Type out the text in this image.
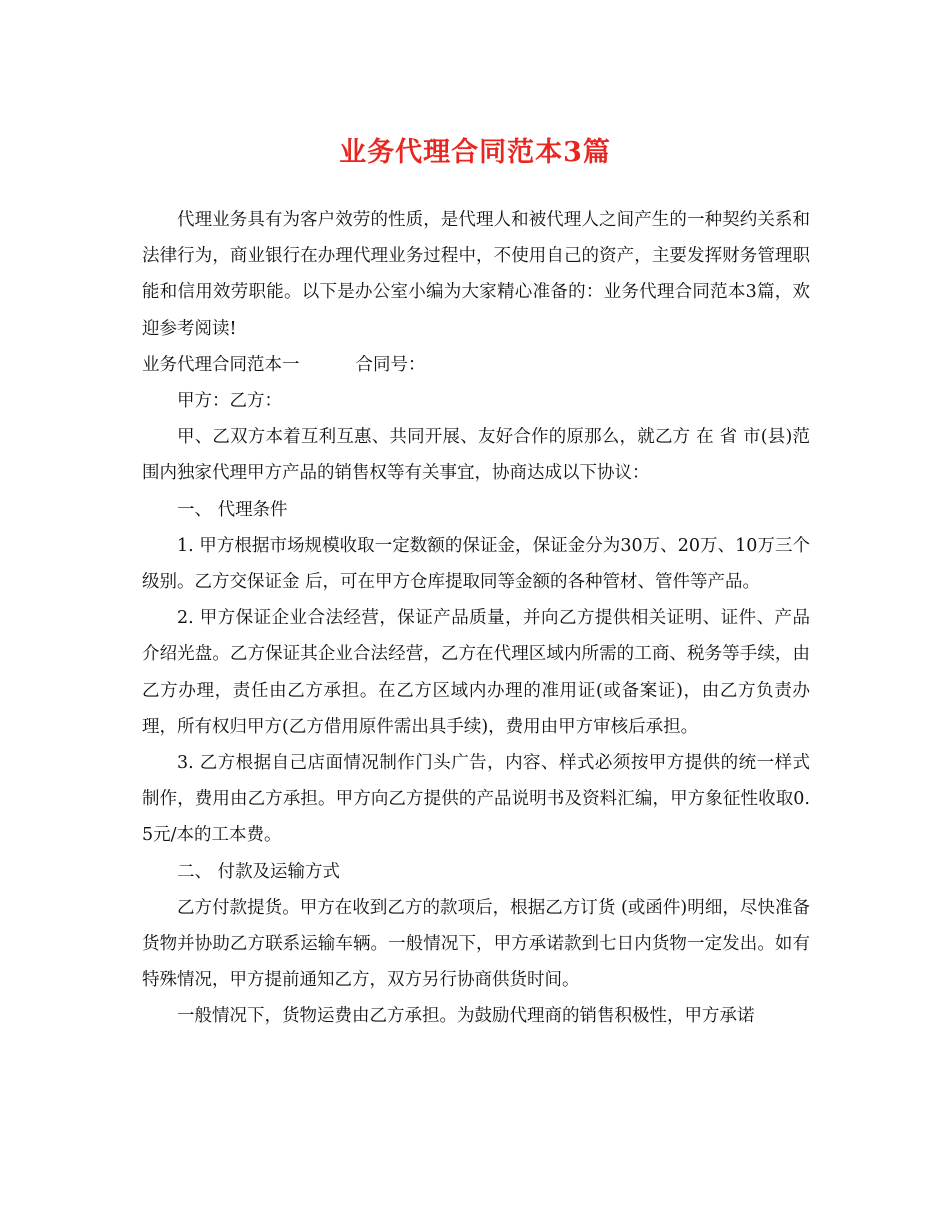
业务代理合同范本3篇

代理业务具有为客户效劳的性质，是代理人和被代理人之间产生的一种契约关系和法律行为，商业银行在办理代理业务过程中，不使用自己的资产，主要发挥财务管理职能和信用效劳职能。以下是办公室小编为大家精心准备的：业务代理合同范本3篇，欢迎参考阅读!

业务代理合同范本一	合同号：

甲方：乙方：

甲、乙双方本着互利互惠、共同开展、友好合作的原那么，就乙方 在 省 市(县)范围内独家代理甲方产品的销售权等有关事宜，协商达成以下协议：

一、 代理条件

1. 甲方根据市场规模收取一定数额的保证金，保证金分为30万、20万、10万三个级别。乙方交保证金 后，可在甲方仓库提取同等金额的各种管材、管件等产品。

2. 甲方保证企业合法经营，保证产品质量，并向乙方提供相关证明、证件、产品介绍光盘。乙方保证其企业合法经营，乙方在代理区域内所需的工商、税务等手续，由乙方办理，责任由乙方承担。在乙方区域内办理的准用证(或备案证)，由乙方负责办理，所有权归甲方(乙方借用原件需出具手续)，费用由甲方审核后承担。

3. 乙方根据自己店面情况制作门头广告，内容、样式必须按甲方提供的统一样式制作，费用由乙方承担。甲方向乙方提供的产品说明书及资料汇编，甲方象征性收取0.5元/本的工本费。

二、 付款及运输方式

乙方付款提货。甲方在收到乙方的款项后，根据乙方订货 (或函件)明细，尽快准备货物并协助乙方联系运输车辆。一般情况下，甲方承诺款到七日内货物一定发出。如有特殊情况，甲方提前通知乙方，双方另行协商供货时间。

一般情况下，货物运费由乙方承担。为鼓励代理商的销售积极性，甲方承诺
